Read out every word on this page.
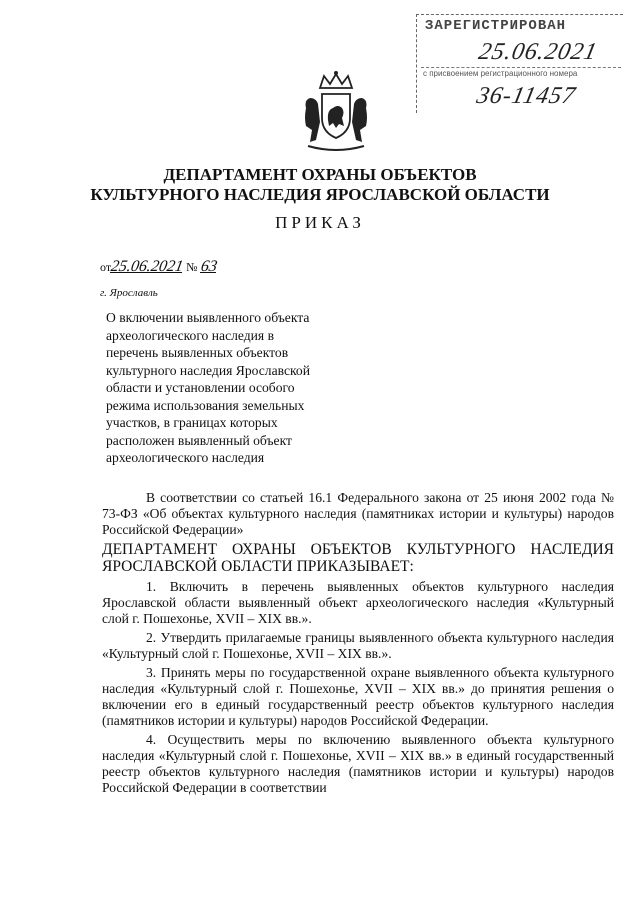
ЗАРЕГИСТРИРОВАН
25.06.2021
с присвоением регистрационного номера
36-11457
ДЕПАРТАМЕНТ ОХРАНЫ ОБЪЕКТОВ
КУЛЬТУРНОГО НАСЛЕДИЯ ЯРОСЛАВСКОЙ ОБЛАСТИ
ПРИКАЗ
от25.06.2021 № 63
г. Ярославль
О включении выявленного объекта
археологического наследия в
перечень выявленных объектов
культурного наследия Ярославской
области и установлении особого
режима использования земельных
участков, в границах которых
расположен выявленный объект
археологического наследия

В соответствии со статьей 16.1 Федерального закона от 25 июня 2002 года № 73-ФЗ «Об объектах культурного наследия (памятниках истории и культуры) народов Российской Федерации»

ДЕПАРТАМЕНТ ОХРАНЫ ОБЪЕКТОВ КУЛЬТУРНОГО НАСЛЕДИЯ ЯРОСЛАВСКОЙ ОБЛАСТИ ПРИКАЗЫВАЕТ:

1. Включить в перечень выявленных объектов культурного наследия Ярославской области выявленный объект археологического наследия «Культурный слой г. Пошехонье, XVII – XIX вв.».

2. Утвердить прилагаемые границы выявленного объекта культурного наследия «Культурный слой г. Пошехонье, XVII – XIX вв.».

3. Принять меры по государственной охране выявленного объекта культурного наследия «Культурный слой г. Пошехонье, XVII – XIX вв.» до принятия решения о включении его в единый государственный реестр объектов культурного наследия (памятников истории и культуры) народов Российской Федерации.

4. Осуществить меры по включению выявленного объекта культурного наследия «Культурный слой г. Пошехонье, XVII – XIX вв.» в единый государственный реестр объектов культурного наследия (памятников истории и культуры) народов Российской Федерации в соответствии
